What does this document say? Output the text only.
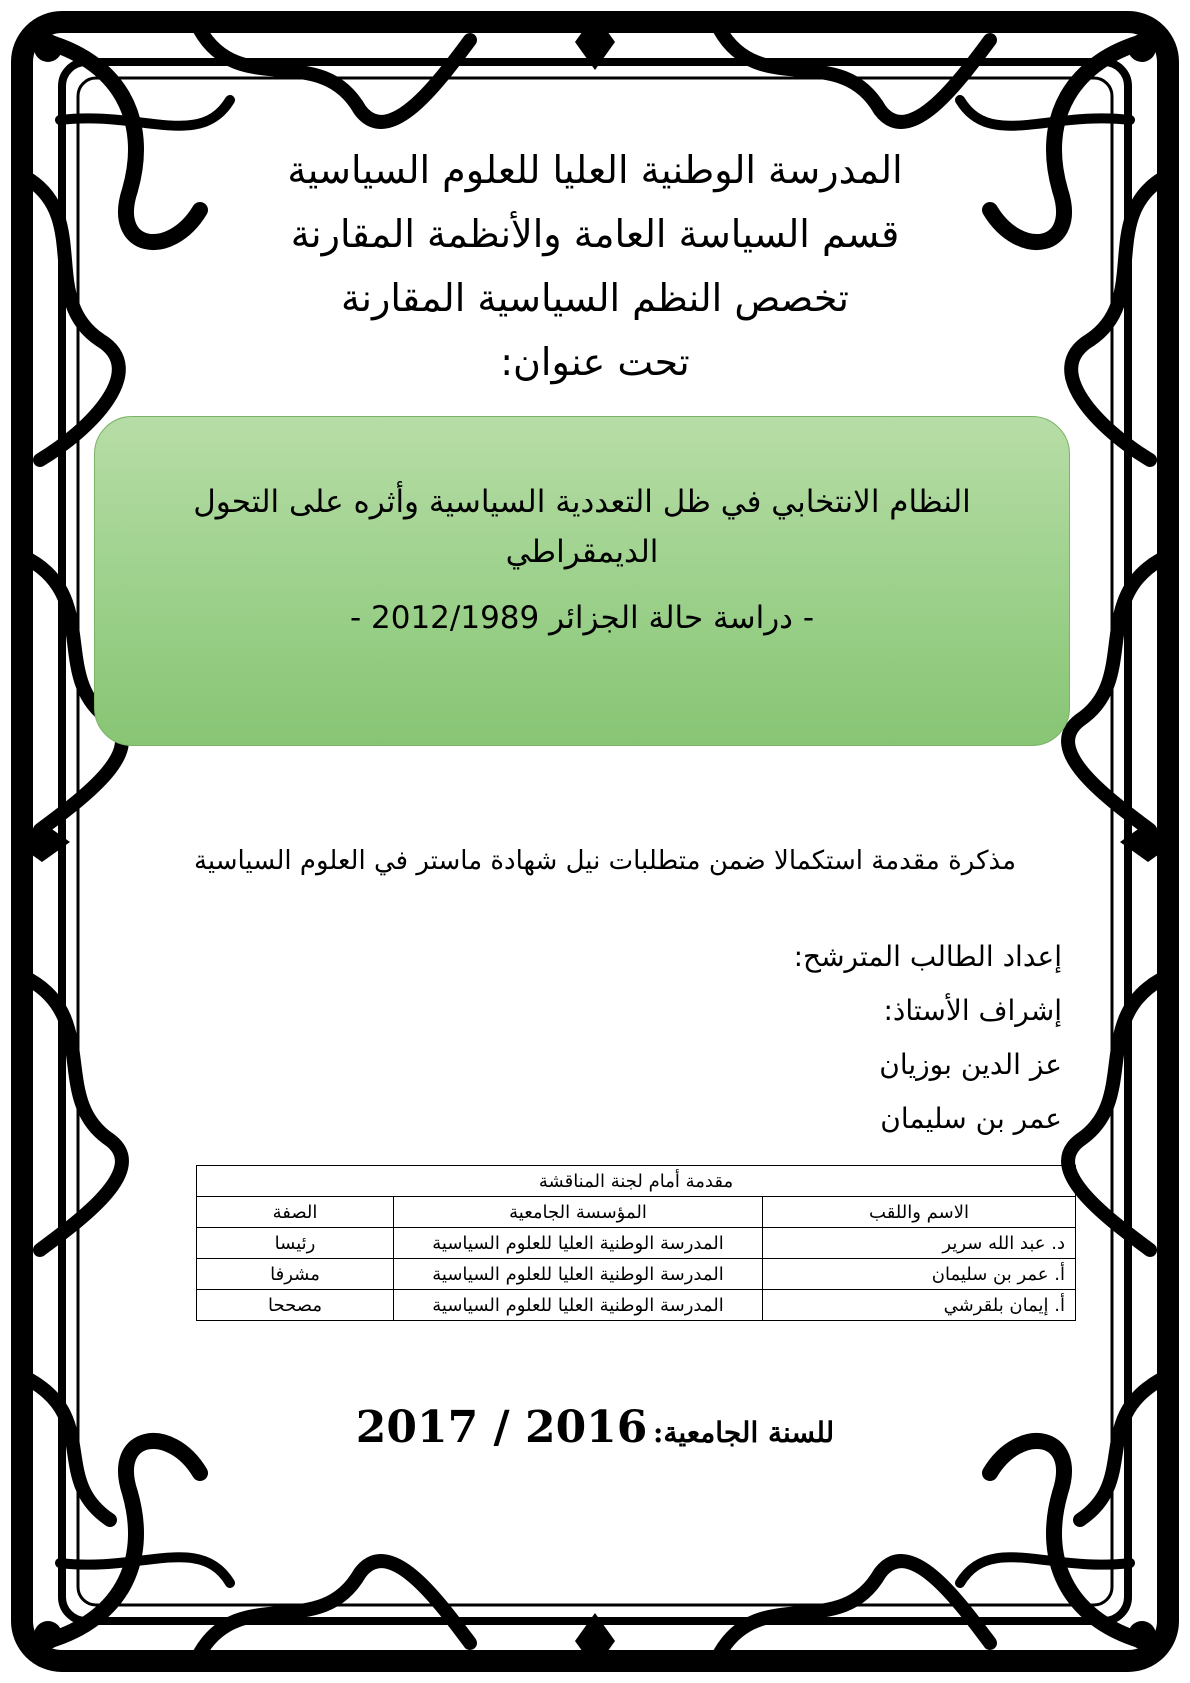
المدرسة الوطنية العليا للعلوم السياسية
قسم السياسة العامة والأنظمة المقارنة
تخصص النظم السياسية المقارنة
تحت عنوان:
النظام الانتخابي في ظل التعددية السياسية وأثره على التحول الديمقراطي
- دراسة حالة الجزائر 2012/1989 -
مذكرة مقدمة استكمالا ضمن متطلبات نيل شهادة ماستر في العلوم السياسية
إعداد الطالب المترشح:
إشراف الأستاذ:
عز الدين بوزيان
عمر بن سليمان
مقدمة أمام لجنة المناقشة		
الاسم واللقب	المؤسسة الجامعية	الصفة
د. عبد الله سرير	المدرسة الوطنية العليا للعلوم السياسية	رئيسا
أ. عمر بن سليمان	المدرسة الوطنية العليا للعلوم السياسية	مشرفا
أ. إيمان بلقرشي	المدرسة الوطنية العليا للعلوم السياسية	مصححا
للسنة الجامعية: 2017 / 2016
